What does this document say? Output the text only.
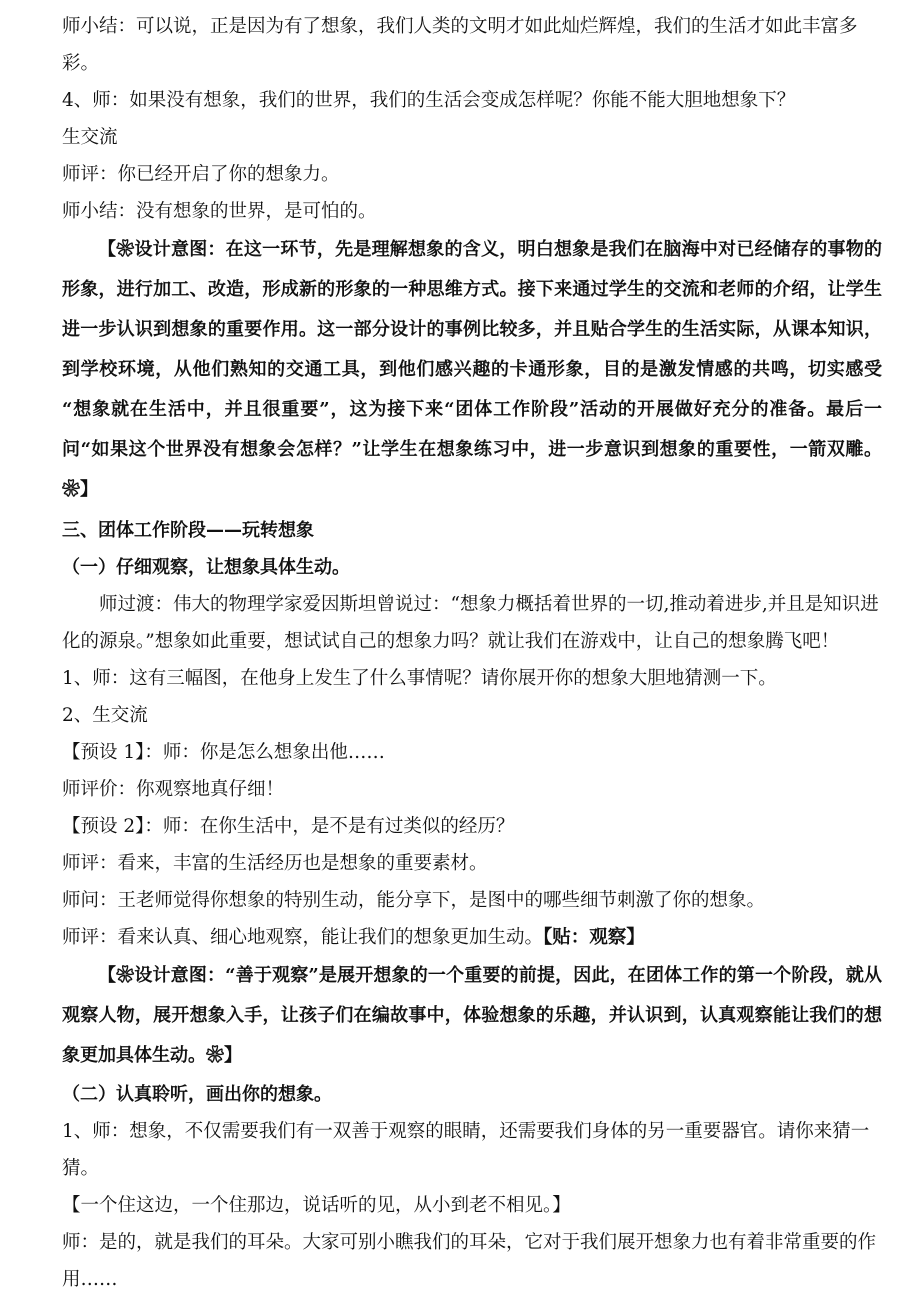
师小结：可以说，正是因为有了想象，我们人类的文明才如此灿烂辉煌，我们的生活才如此丰富多彩。
4、师：如果没有想象，我们的世界，我们的生活会变成怎样呢？你能不能大胆地想象下？
生交流
师评：你已经开启了你的想象力。
师小结：没有想象的世界，是可怕的。
【❀设计意图：在这一环节，先是理解想象的含义，明白想象是我们在脑海中对已经储存的事物的形象，进行加工、改造，形成新的形象的一种思维方式。接下来通过学生的交流和老师的介绍，让学生进一步认识到想象的重要作用。这一部分设计的事例比较多，并且贴合学生的生活实际，从课本知识，到学校环境，从他们熟知的交通工具，到他们感兴趣的卡通形象，目的是激发情感的共鸣，切实感受 “想象就在生活中，并且很重要”，这为接下来“团体工作阶段”活动的开展做好充分的准备。最后一问“如果这个世界没有想象会怎样？”让学生在想象练习中，进一步意识到想象的重要性，一箭双雕。❀】
三、团体工作阶段——玩转想象
（一）仔细观察，让想象具体生动。
师过渡：伟大的物理学家爱因斯坦曾说过：“想象力概括着世界的一切,推动着进步,并且是知识进化的源泉。”想象如此重要，想试试自己的想象力吗？就让我们在游戏中，让自己的想象腾飞吧！
1、师：这有三幅图，在他身上发生了什么事情呢？请你展开你的想象大胆地猜测一下。
2、生交流
【预设 1】：师：你是怎么想象出他……
师评价：你观察地真仔细！
【预设 2】：师：在你生活中，是不是有过类似的经历？
师评：看来，丰富的生活经历也是想象的重要素材。
师问：王老师觉得你想象的特别生动，能分享下，是图中的哪些细节刺激了你的想象。
师评：看来认真、细心地观察，能让我们的想象更加生动。【贴：观察】
【❀设计意图：“善于观察”是展开想象的一个重要的前提，因此，在团体工作的第一个阶段，就从观察人物，展开想象入手，让孩子们在编故事中，体验想象的乐趣，并认识到，认真观察能让我们的想象更加具体生动。❀】
（二）认真聆听，画出你的想象。
1、师：想象，不仅需要我们有一双善于观察的眼睛，还需要我们身体的另一重要器官。请你来猜一猜。
【一个住这边，一个住那边，说话听的见，从小到老不相见。】
师：是的，就是我们的耳朵。大家可别小瞧我们的耳朵，它对于我们展开想象力也有着非常重要的作用……
